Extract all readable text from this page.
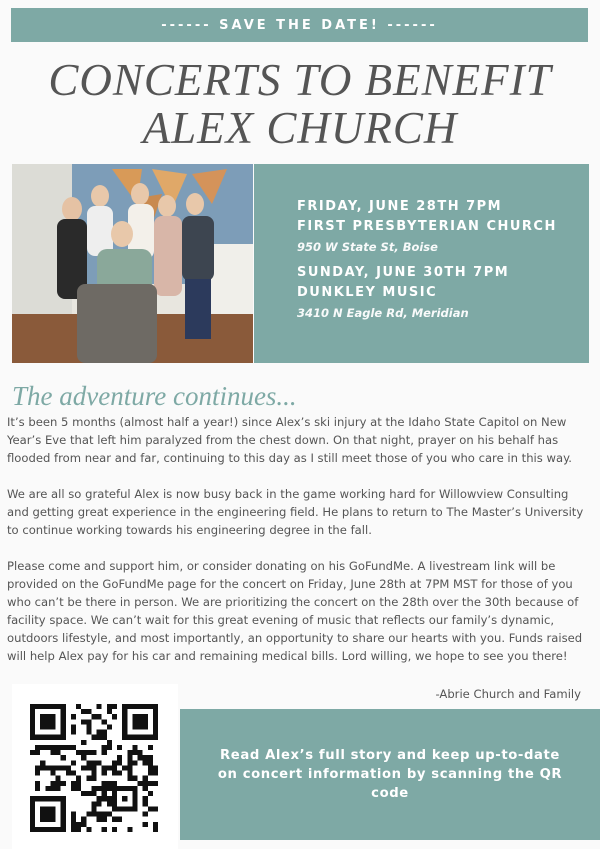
------ SAVE THE DATE! ------
CONCERTS TO BENEFIT
ALEX CHURCH
FRIDAY, JUNE 28TH 7PM
FIRST PRESBYTERIAN CHURCH
950 W State St, Boise
SUNDAY, JUNE 30TH 7PM
DUNKLEY MUSIC
3410 N Eagle Rd, Meridian
The adventure continues...

It’s been 5 months (almost half a year!) since Alex’s ski injury at the Idaho State Capitol on New Year’s Eve that left him paralyzed from the chest down. On that night, prayer on his behalf has flooded from near and far, continuing to this day as I still meet those of you who care in this way.

We are all so grateful Alex is now busy back in the game working hard for Willowview Consulting and getting great experience in the engineering field. He plans to return to The Master’s University to continue working towards his engineering degree in the fall.

Please come and support him, or consider donating on his GoFundMe. A livestream link will be provided on the GoFundMe page for the concert on Friday, June 28th at 7PM MST for those of you who can’t be there in person. We are prioritizing the concert on the 28th over the 30th because of facility space. We can’t wait for this great evening of music that reflects our family’s dynamic, outdoors lifestyle, and most importantly, an opportunity to share our hearts with you. Funds raised will help Alex pay for his car and remaining medical bills. Lord willing, we hope to see you there!

-Abrie Church and Family
Read Alex’s full story and keep up-to-date on concert information by scanning the QR code
